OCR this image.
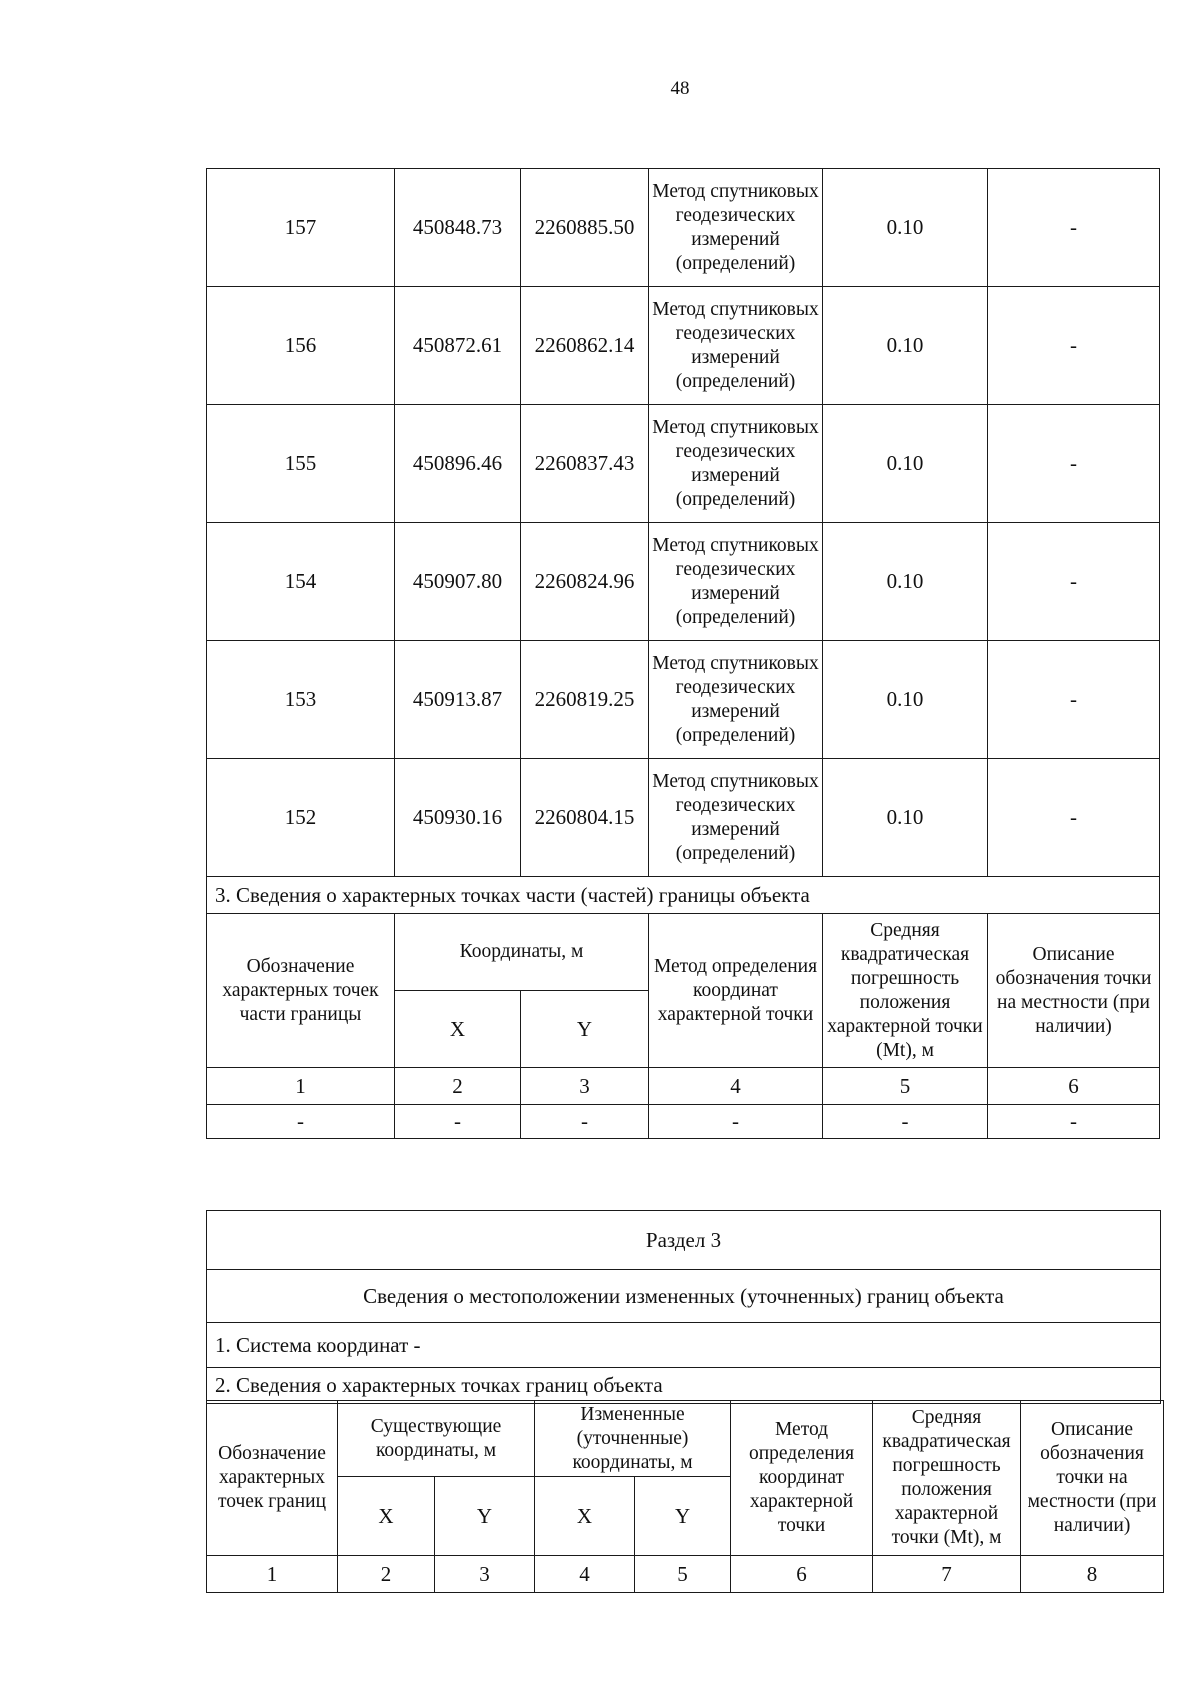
48
157	450848.73	2260885.50	Метод спутниковых геодезических измерений (определений)	0.10	-
156	450872.61	2260862.14	Метод спутниковых геодезических измерений (определений)	0.10	-
155	450896.46	2260837.43	Метод спутниковых геодезических измерений (определений)	0.10	-
154	450907.80	2260824.96	Метод спутниковых геодезических измерений (определений)	0.10	-
153	450913.87	2260819.25	Метод спутниковых геодезических измерений (определений)	0.10	-
152	450930.16	2260804.15	Метод спутниковых геодезических измерений (определений)	0.10	-
3. Сведения о характерных точках части (частей) границы объекта					
Обозначение характерных точек части границы	Координаты, м		Метод определения координат характерной точки	Средняя квадратическая погрешность положения характерной точки (Mt), м	Описание обозначения точки на местности (при наличии)
	X	Y			
1	2	3	4	5	6
-	-	-	-	-	-
Раздел 3
Сведения о местоположении измененных (уточненных) границ объекта
1. Система координат -
2. Сведения о характерных точках границ объекта
Обозначение характерных точек границ	Существующие координаты, м		Измененные (уточненные) координаты, м		Метод определения координат характерной точки	Средняя квадратическая погрешность положения характерной точки (Mt), м	Описание обозначения точки на местности (при наличии)
	X	Y	X	Y			
1	2	3	4	5	6	7	8
